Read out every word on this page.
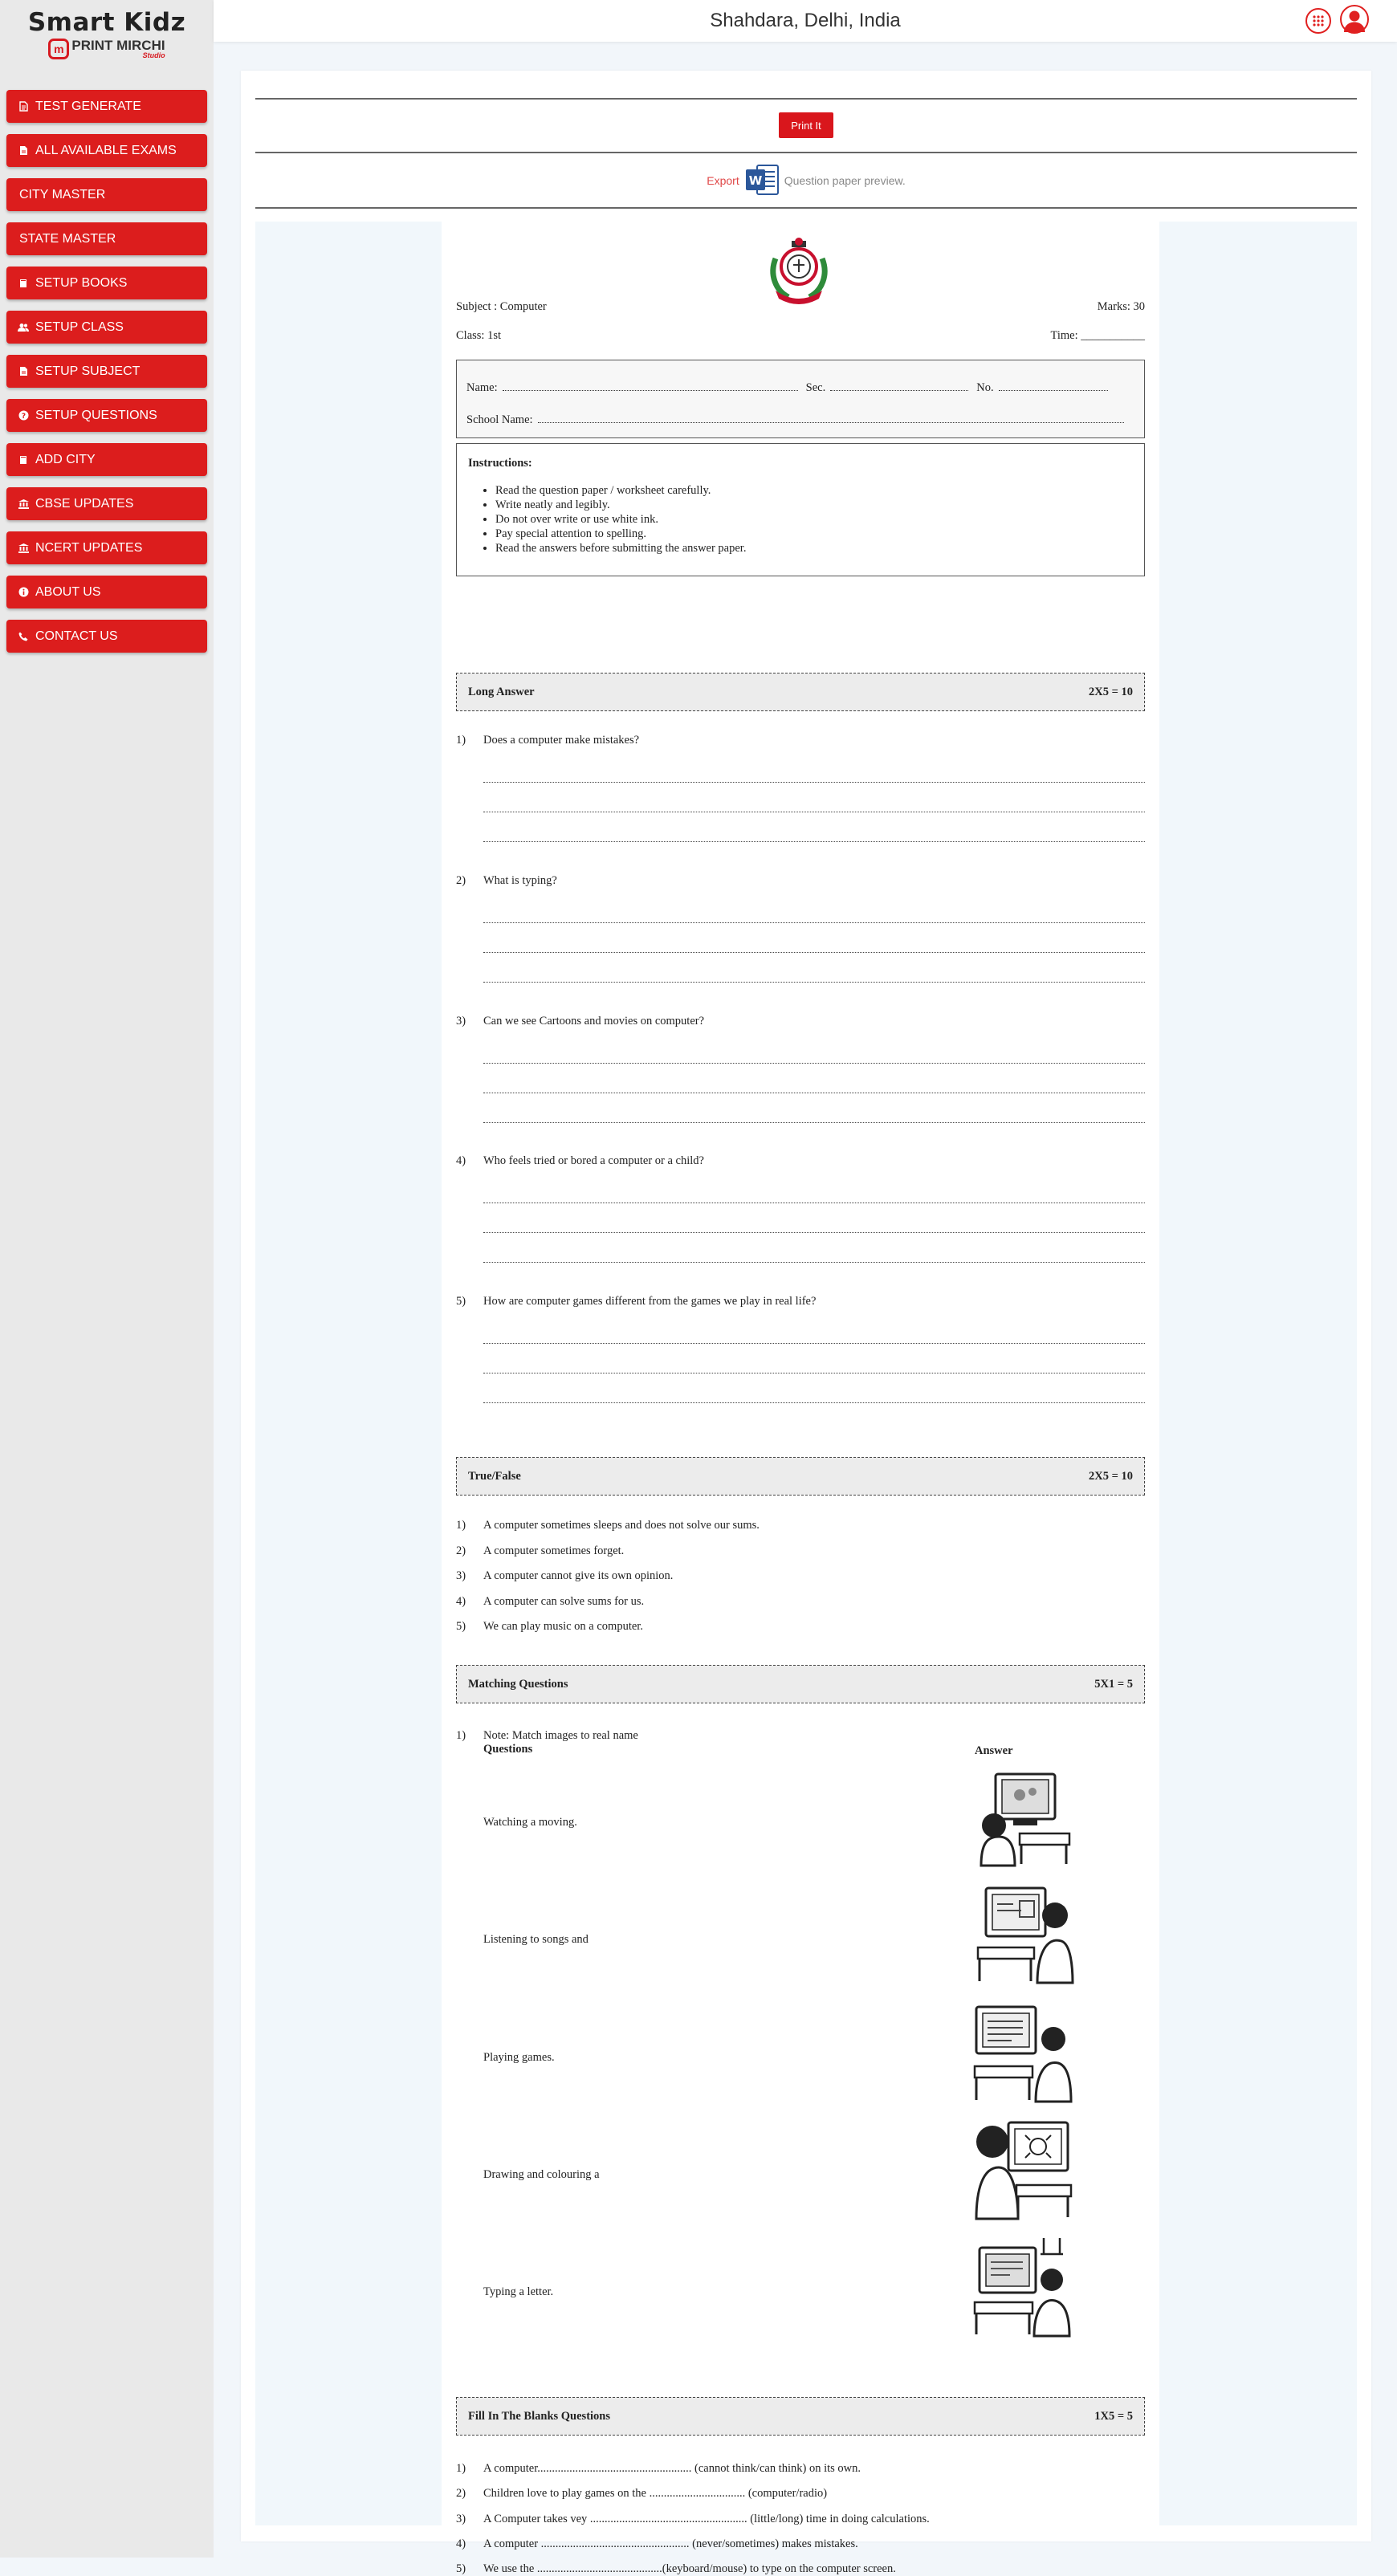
Smart Kidz
m PRINT MIRCHI
Studio
TEST GENERATE
ALL AVAILABLE EXAMS
CITY MASTER
STATE MASTER
SETUP BOOKS
SETUP CLASS
SETUP SUBJECT
? SETUP QUESTIONS
ADD CITY
CBSE UPDATES
NCERT UPDATES
ABOUT US
CONTACT US
Shahdara, Delhi, India
Print It
Export W Question paper preview.
Subject : Computer	Marks: 30
Class: 1st	Time: ___________
Name:	Sec.	No.
School Name:
Instructions:
• Read the question paper / worksheet carefully.
• Write neatly and legibly.
• Do not over write or use white ink.
• Pay special attention to spelling.
• Read the answers before submitting the answer paper.
Long Answer	2X5 = 10
1) Does a computer make mistakes?
2) What is typing?
3) Can we see Cartoons and movies on computer?
4) Who feels tried or bored a computer or a child?
5) How are computer games different from the games we play in real life?
True/False	2X5 = 10
1) A computer sometimes sleeps and does not solve our sums.
2) A computer sometimes forget.
3) A computer cannot give its own opinion.
4) A computer can solve sums for us.
5) We can play music on a computer.
Matching Questions	5X1 = 5
1) Note: Match images to real name
Questions	Answer
Watching a moving.
Listening to songs and
Playing games.
Drawing and colouring a
Typing a letter.
Fill In The Blanks Questions	1X5 = 5
1) A computer..................................................... (cannot think/can think) on its own.
2) Children love to play games on the ................................. (computer/radio)
3) A Computer takes vey ...................................................... (little/long) time in doing calculations.
4) A computer ................................................... (never/sometimes) makes mistakes.
5) We use the ...........................................(keyboard/mouse) to type on the computer screen.
